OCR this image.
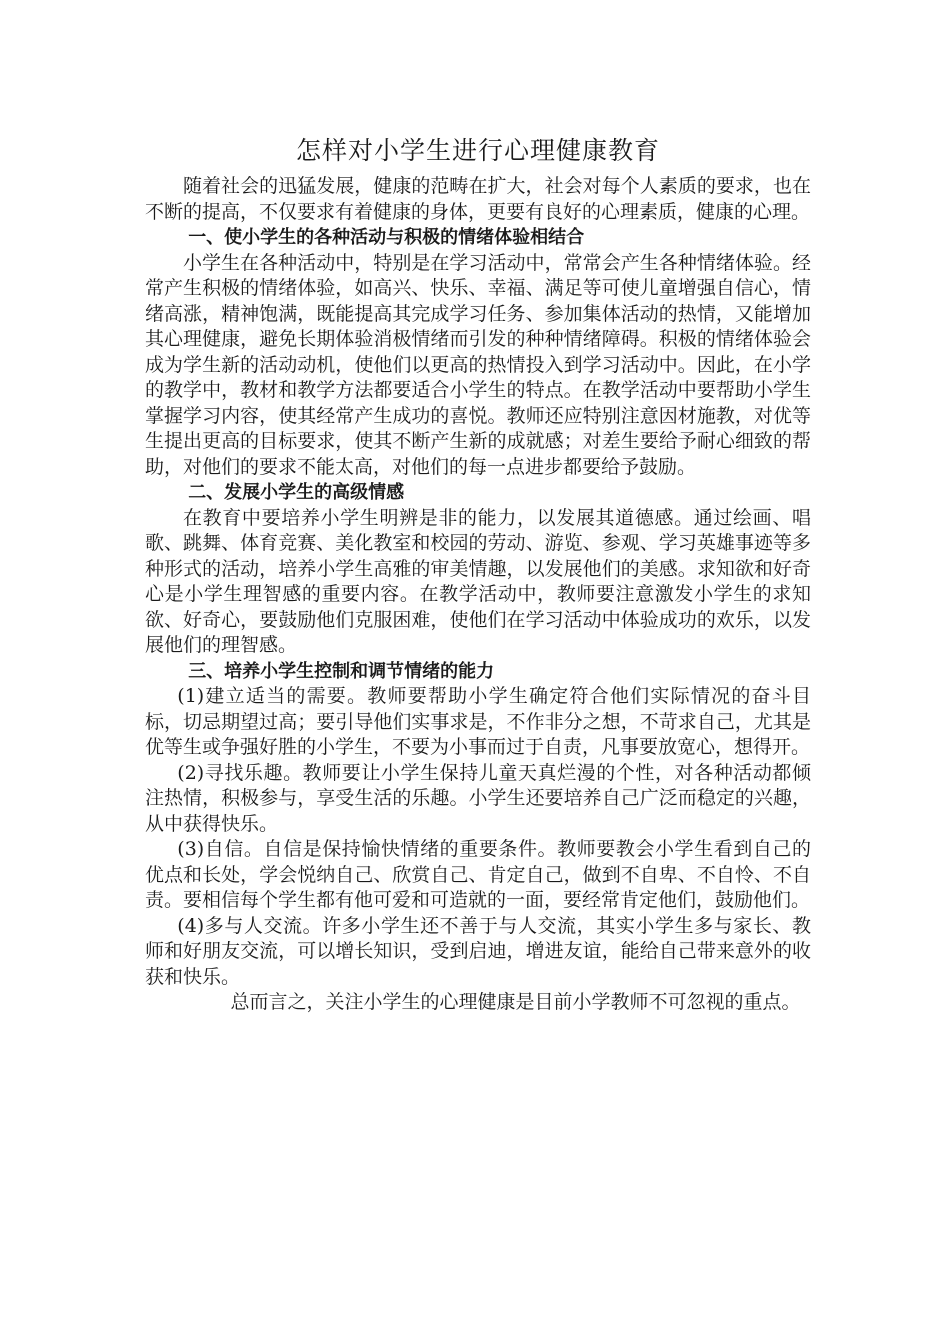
怎样对小学生进行心理健康教育

随着社会的迅猛发展，健康的范畴在扩大，社会对每个人素质的要求，也在不断的提高，不仅要求有着健康的身体，更要有良好的心理素质，健康的心理。

一、使小学生的各种活动与积极的情绪体验相结合

小学生在各种活动中，特别是在学习活动中，常常会产生各种情绪体验。经常产生积极的情绪体验，如高兴、快乐、幸福、满足等可使儿童增强自信心，情绪高涨，精神饱满，既能提高其完成学习任务、参加集体活动的热情，又能增加其心理健康，避免长期体验消极情绪而引发的种种情绪障碍。积极的情绪体验会成为学生新的活动动机，使他们以更高的热情投入到学习活动中。因此，在小学的教学中，教材和教学方法都要适合小学生的特点。在教学活动中要帮助小学生掌握学习内容，使其经常产生成功的喜悦。教师还应特别注意因材施教，对优等生提出更高的目标要求，使其不断产生新的成就感；对差生要给予耐心细致的帮助，对他们的要求不能太高，对他们的每一点进步都要给予鼓励。

二、发展小学生的高级情感

在教育中要培养小学生明辨是非的能力，以发展其道德感。通过绘画、唱歌、跳舞、体育竞赛、美化教室和校园的劳动、游览、参观、学习英雄事迹等多种形式的活动，培养小学生高雅的审美情趣，以发展他们的美感。求知欲和好奇心是小学生理智感的重要内容。在教学活动中，教师要注意激发小学生的求知欲、好奇心，要鼓励他们克服困难，使他们在学习活动中体验成功的欢乐，以发展他们的理智感。

三、培养小学生控制和调节情绪的能力

(1)建立适当的需要。教师要帮助小学生确定符合他们实际情况的奋斗目标，切忌期望过高；要引导他们实事求是，不作非分之想，不苛求自己，尤其是优等生或争强好胜的小学生，不要为小事而过于自责，凡事要放宽心，想得开。

(2)寻找乐趣。教师要让小学生保持儿童天真烂漫的个性，对各种活动都倾注热情，积极参与，享受生活的乐趣。小学生还要培养自己广泛而稳定的兴趣，从中获得快乐。

(3)自信。自信是保持愉快情绪的重要条件。教师要教会小学生看到自己的优点和长处，学会悦纳自己、欣赏自己、肯定自己，做到不自卑、不自怜、不自责。要相信每个学生都有他可爱和可造就的一面，要经常肯定他们，鼓励他们。

(4)多与人交流。许多小学生还不善于与人交流，其实小学生多与家长、教师和好朋友交流，可以增长知识，受到启迪，增进友谊，能给自己带来意外的收获和快乐。

总而言之，关注小学生的心理健康是目前小学教师不可忽视的重点。
